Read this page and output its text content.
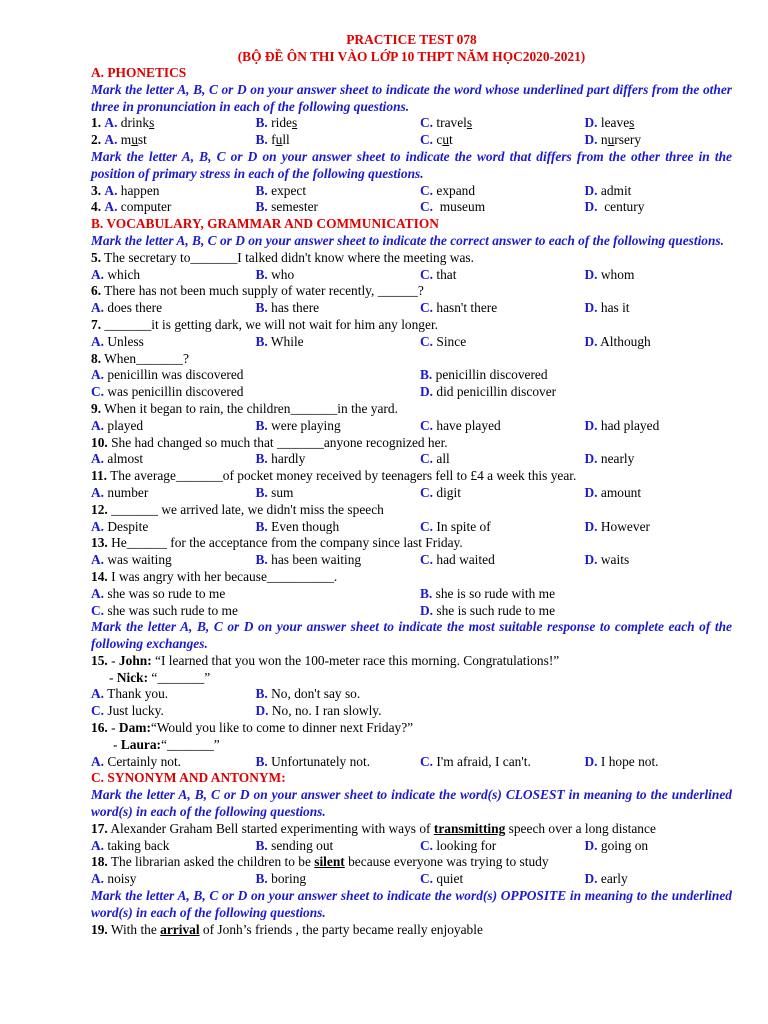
PRACTICE TEST 078
(BỘ ĐỀ ÔN THI VÀO LỚP 10 THPT NĂM HỌC2020-2021)
A. PHONETICS
Mark the letter A, B, C or D on your answer sheet to indicate the word whose underlined part differs from the other three in pronunciation in each of the following questions.
1. A. drinks	B. rides	C. travels	D. leaves
2. A. must	B. full	C. cut	D. nursery
Mark the letter A, B, C or D on your answer sheet to indicate the word that differs from the other three in the position of primary stress in each of the following questions.
3. A. happen	B. expect	C. expand	D. admit
4. A. computer	B. semester	C. museum	D. century
B. VOCABULARY, GRAMMAR AND COMMUNICATION
Mark the letter A, B, C or D on your answer sheet to indicate the correct answer to each of the following questions.
5. The secretary to_______I talked didn't know where the meeting was.
A. which	B. who	C. that	D. whom
6. There has not been much supply of water recently, ______?
A. does there	B. has there	C. hasn't there	D. has it
7. _______it is getting dark, we will not wait for him any longer.
A. Unless	B. While	C. Since	D. Although
8. When_______?
A. penicillin was discovered	B. penicillin discovered
C. was penicillin discovered	D. did penicillin discover
9. When it began to rain, the children_______in the yard.
A. played	B. were playing	C. have played	D. had played
10. She had changed so much that _______anyone recognized her.
A. almost	B. hardly	C. all	D. nearly
11. The average_______of pocket money received by teenagers fell to £4 a week this year.
A. number	B. sum	C. digit	D. amount
12. _______ we arrived late, we didn't miss the speech
A. Despite	B. Even though	C. In spite of	D. However
13. He______ for the acceptance from the company since last Friday.
A. was waiting	B. has been waiting	C. had waited	D. waits
14. I was angry with her because__________.
A. she was so rude to me	B. she is so rude with me
C. she was such rude to me	D. she is such rude to me
Mark the letter A, B, C or D on your answer sheet to indicate the most suitable response to complete each of the following exchanges.
15. - John: “I learned that you won the 100-meter race this morning. Congratulations!”
- Nick: “_______”
A. Thank you.	B. No, don't say so.
C. Just lucky.	D. No, no. I ran slowly.
16. - Dam:“Would you like to come to dinner next Friday?”
- Laura:“_______”
A. Certainly not.	B. Unfortunately not.	C. I'm afraid, I can't.	D. I hope not.
C. SYNONYM AND ANTONYM:
Mark the letter A, B, C or D on your answer sheet to indicate the word(s) CLOSEST in meaning to the underlined word(s) in each of the following questions.
17. Alexander Graham Bell started experimenting with ways of transmitting speech over a long distance
A. taking back	B. sending out	C. looking for	D. going on
18. The librarian asked the children to be silent because everyone was trying to study
A. noisy	B. boring	C. quiet	D. early
Mark the letter A, B, C or D on your answer sheet to indicate the word(s) OPPOSITE in meaning to the underlined word(s) in each of the following questions.
19. With the arrival of Jonh’s friends , the party became really enjoyable
